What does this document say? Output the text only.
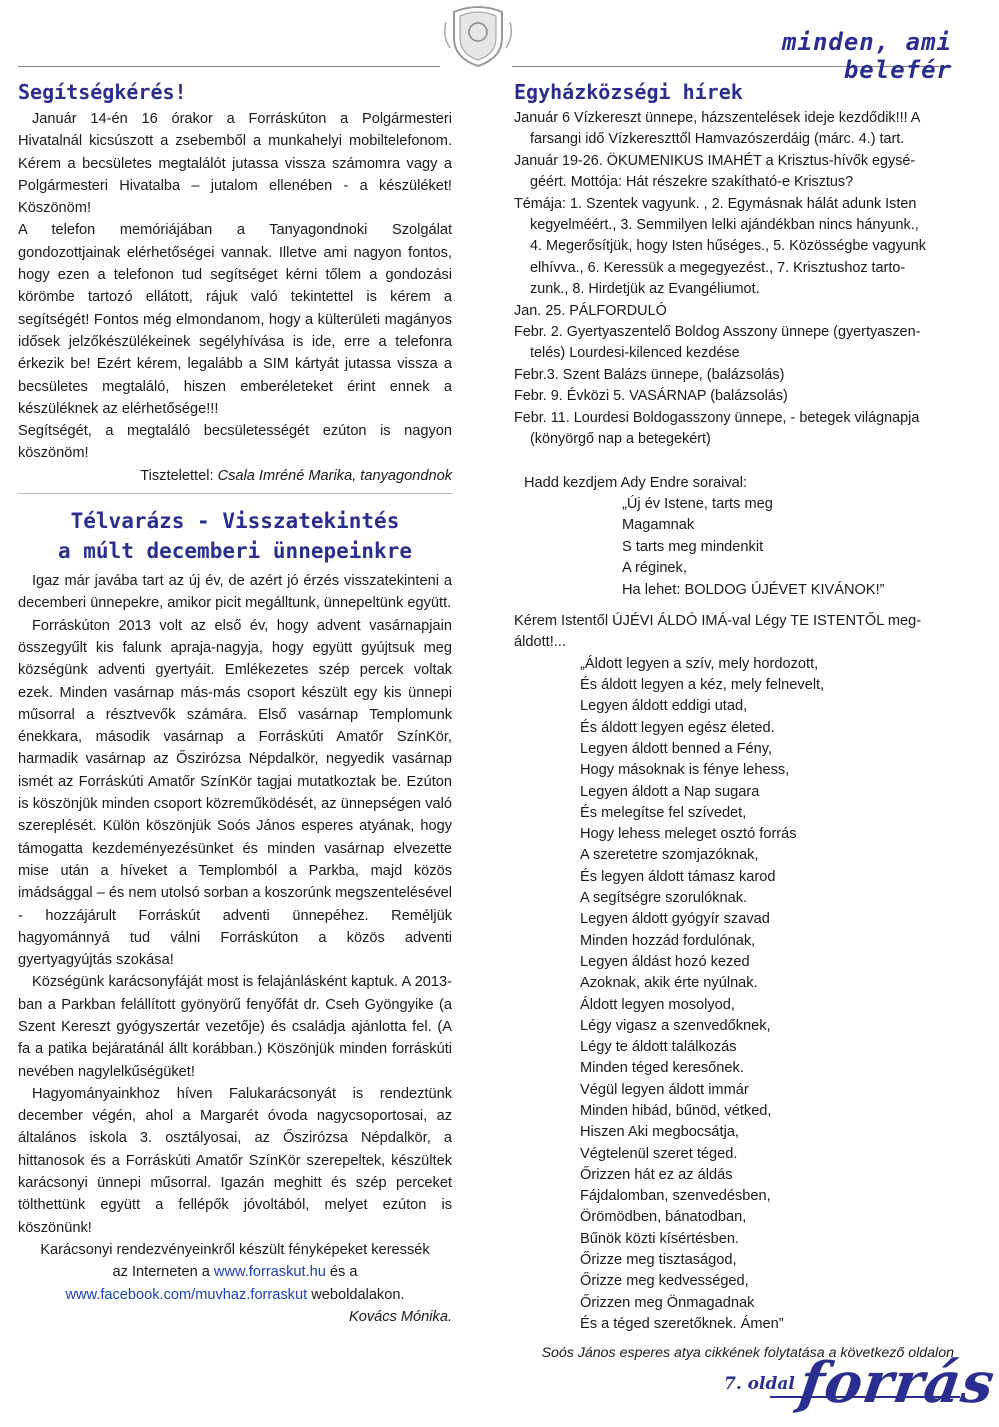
minden, ami belefér
Segítségkérés!

Január 14-én 16 órakor a Forráskúton a Polgármesteri Hivatalnál kicsúszott a zsebemből a munkahelyi mobiltelefonom. Kérem a becsületes megtalálót jutassa vissza számomra vagy a Polgármesteri Hivatalba – jutalom ellenében - a készüléket! Köszönöm!

A telefon memóriájában a Tanyagondnoki Szolgálat gondozottjainak elérhetőségei vannak. Illetve ami nagyon fontos, hogy ezen a telefonon tud segítséget kérni tőlem a gondozási körömbe tartozó ellátott, rájuk való tekintettel is kérem a segítségét! Fontos még elmondanom, hogy a külterületi magányos idősek jelzőkészülékeinek segélyhívása is ide, erre a telefonra érkezik be! Ezért kérem, legalább a SIM kártyát jutassa vissza a becsületes megtaláló, hiszen emberéleteket érint ennek a készüléknek az elérhetősége!!!

Segítségét, a megtaláló becsületességét ezúton is nagyon köszönöm!

Tisztelettel: Csala Imréné Marika, tanyagondnok
Télvarázs - Visszatekintés
a múlt decemberi ünnepeinkre

Igaz már javába tart az új év, de azért jó érzés visszatekinteni a decemberi ünnepekre, amikor picit megálltunk, ünnepeltünk együtt.

Forráskúton 2013 volt az első év, hogy advent vasárnapjain összegyűlt kis falunk apraja-nagyja, hogy együtt gyújtsuk meg községünk adventi gyertyáit. Emlékezetes szép percek voltak ezek. Minden vasárnap más-más csoport készült egy kis ünnepi műsorral a résztvevők számára. Első vasárnap Templomunk énekkara, második vasárnap a Forráskúti Amatőr SzínKör, harmadik vasárnap az Őszirózsa Népdalkör, negyedik vasárnap ismét az Forráskúti Amatőr SzínKör tagjai mutatkoztak be. Ezúton is köszönjük minden csoport közreműködését, az ünnepségen való szereplését. Külön köszönjük Soós János esperes atyának, hogy támogatta kezdeményezésünket és minden vasárnap elvezette mise után a híveket a Templomból a Parkba, majd közös imádsággal – és nem utolsó sorban a koszorúnk megszentelésével - hozzájárult Forráskút adventi ünnepéhez. Reméljük hagyománnyá tud válni Forráskúton a közös adventi gyertyagyújtás szokása!

Községünk karácsonyfáját most is felajánlásként kaptuk. A 2013-ban a Parkban felállított gyönyörű fenyőfát dr. Cseh Gyöngyike (a Szent Kereszt gyógyszertár vezetője) és családja ajánlotta fel. (A fa a patika bejáratánál állt korábban.) Köszönjük minden forráskúti nevében nagylelkűségüket!

Hagyományainkhoz híven Falukarácsonyát is rendeztünk december végén, ahol a Margarét óvoda nagycsoportosai, az általános iskola 3. osztályosai, az Őszirózsa Népdalkör, a hittanosok és a Forráskúti Amatőr SzínKör szerepeltek, készültek karácsonyi ünnepi műsorral. Igazán meghitt és szép perceket tölthettünk együtt a fellépők jóvoltából, melyet ezúton is köszönünk!

Karácsonyi rendezvényeinkről készült fényképeket keressék

az Interneten a www.forraskut.hu és a

www.facebook.com/muvhaz.forraskut weboldalakon.

Kovács Mónika.
Egyházközségi hírek

Január 6 Vízkereszt ünnepe, házszentelések ideje kezdődik!!! A

farsangi idő Vízkereszttől Hamvazószerdáig (márc. 4.) tart.

Január 19-26. ÖKUMENIKUS IMAHÉT a Krisztus-hívők egysé-

géért. Mottója: Hát részekre szakítható-e Krisztus?

Témája: 1. Szentek vagyunk. , 2. Egymásnak hálát adunk Isten

kegyelméért., 3. Semmilyen lelki ajándékban nincs hányunk.,

4. Megerősítjük, hogy Isten hűséges., 5. Közösségbe vagyunk

elhívva., 6. Keressük a megegyezést., 7. Krisztushoz tarto-

zunk., 8. Hirdetjük az Evangéliumot.

Jan. 25. PÁLFORDULÓ

Febr. 2. Gyertyaszentelő Boldog Asszony ünnepe (gyertyaszen-

telés) Lourdesi-kilenced kezdése

Febr.3. Szent Balázs ünnepe, (balázsolás)

Febr. 9. Évközi 5. VASÁRNAP (balázsolás)

Febr. 11. Lourdesi Boldogasszony ünnepe, - betegek világnapja

(könyörgő nap a betegekért)

Hadd kezdjem Ady Endre soraival:

„Új év Istene, tarts meg
Magamnak
S tarts meg mindenkit
A réginek,
Ha lehet: BOLDOG ÚJÉVET KIVÁNOK!”
Kérem Istentől ÚJÉVI ÁLDÓ IMÁ-val Légy TE ISTENTŐL meg-
áldott!...
„Áldott legyen a szív, mely hordozott,
És áldott legyen a kéz, mely felnevelt,
Legyen áldott eddigi utad,
És áldott legyen egész életed.
Legyen áldott benned a Fény,
Hogy másoknak is fénye lehess,
Legyen áldott a Nap sugara
És melegítse fel szívedet,
Hogy lehess meleget osztó forrás
A szeretetre szomjazóknak,
És legyen áldott támasz karod
A segítségre szorulóknak.
Legyen áldott gyógyír szavad
Minden hozzád fordulónak,
Legyen áldást hozó kezed
Azoknak, akik érte nyúlnak.
Áldott legyen mosolyod,
Légy vigasz a szenvedőknek,
Légy te áldott találkozás
Minden téged keresőnek.
Végül legyen áldott immár
Minden hibád, bűnöd, vétked,
Hiszen Aki megbocsátja,
Végtelenül szeret téged.
Őrizzen hát ez az áldás
Fájdalomban, szenvedésben,
Örömödben, bánatodban,
Bűnök közti kísértésben.
Őrizze meg tisztaságod,
Őrizze meg kedvességed,
Őrizzen meg Önmagadnak
És a téged szeretőknek. Ámen”
Soós János esperes atya cikkének folytatása a következő oldalon
7. oldal forrás
